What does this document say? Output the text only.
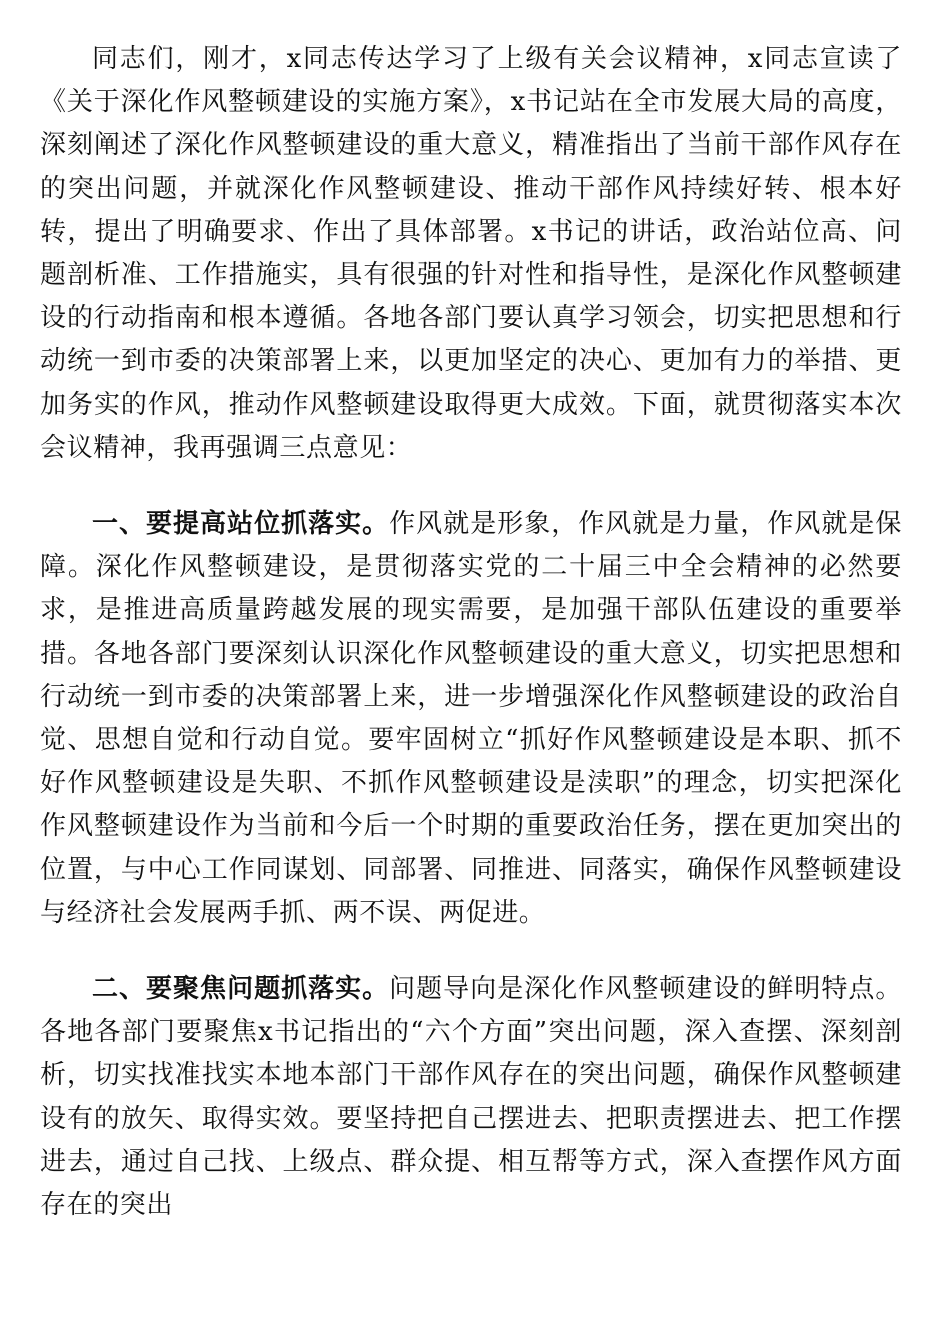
同志们，刚才，x同志传达学习了上级有关会议精神，x同志宣读了《关于深化作风整顿建设的实施方案》，x书记站在全市发展大局的高度，深刻阐述了深化作风整顿建设的重大意义，精准指出了当前干部作风存在的突出问题，并就深化作风整顿建设、推动干部作风持续好转、根本好转，提出了明确要求、作出了具体部署。x书记的讲话，政治站位高、问题剖析准、工作措施实，具有很强的针对性和指导性，是深化作风整顿建设的行动指南和根本遵循。各地各部门要认真学习领会，切实把思想和行动统一到市委的决策部署上来，以更加坚定的决心、更加有力的举措、更加务实的作风，推动作风整顿建设取得更大成效。下面，就贯彻落实本次会议精神，我再强调三点意见：

一、要提高站位抓落实。作风就是形象，作风就是力量，作风就是保障。深化作风整顿建设，是贯彻落实党的二十届三中全会精神的必然要求，是推进高质量跨越发展的现实需要，是加强干部队伍建设的重要举措。各地各部门要深刻认识深化作风整顿建设的重大意义，切实把思想和行动统一到市委的决策部署上来，进一步增强深化作风整顿建设的政治自觉、思想自觉和行动自觉。要牢固树立“抓好作风整顿建设是本职、抓不好作风整顿建设是失职、不抓作风整顿建设是渎职”的理念，切实把深化作风整顿建设作为当前和今后一个时期的重要政治任务，摆在更加突出的位置，与中心工作同谋划、同部署、同推进、同落实，确保作风整顿建设与经济社会发展两手抓、两不误、两促进。

二、要聚焦问题抓落实。问题导向是深化作风整顿建设的鲜明特点。各地各部门要聚焦x书记指出的“六个方面”突出问题，深入查摆、深刻剖析，切实找准找实本地本部门干部作风存在的突出问题，确保作风整顿建设有的放矢、取得实效。要坚持把自己摆进去、把职责摆进去、把工作摆进去，通过自己找、上级点、群众提、相互帮等方式，深入查摆作风方面存在的突出
